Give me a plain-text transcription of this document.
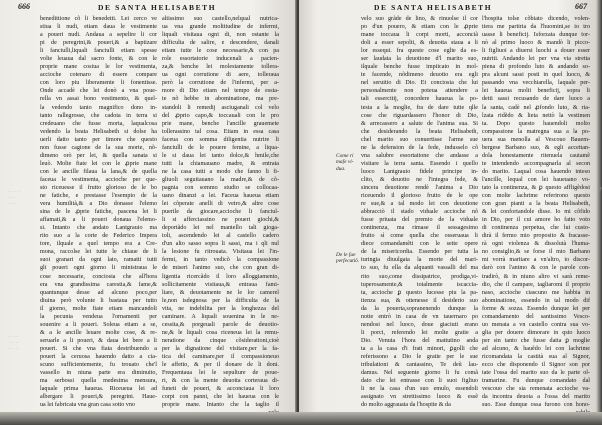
666	DE SANTA HELISABETH
·· ·· ··
·· ·· ·
····· ·
·· ···
· ·· ··
·· · ··
benedittione cõ li benedetti. Lei cerco ve
stiua li nudi, etiam daua le vestimente
a poueri nudi. Andaua a sepelire li cor
pi de peregrini,& poueri,& a baptizare
li fanciulli,liquali fanciulli etiam spesse
volte leuaua dal sacro fonte, & con le
proprie mane cosiua le lor vestimenta,
accioche cotenaro di essere compare
con loro piu liberamente li fonentisse.
Onde accadè che lei donò a vna poue-
rella vn assai bono vestimento, & quel-
la vedendo tanto magnifico dono in-
tanto rallegrosse, che cadota in terra si
credeuano che fusse morta, laqualcosa
vedendo la beata Helisabeth si dolse ha
uerli datto tanto per timore che questo
non fusse cagione de la sua morte, nõ-
dimeno orò per lei, & quella sanata si
leuò. Molte fiate lei con le ꝓprie mane
con le ancille filaua la lana,& de quella
faceua le vestimenta, accioche per que-
sto riceuesse il frutto glorioso de le bo
ne fatiche, e prestasse l'esempio de la
vera humilità,& a Dio donasse l'elemo
sina de le ꝓprie fatiche, pascena lei li
affamati,& a li poueri donaua l'elemo-
si. Intanto che andato Lantgrauio ma
rito suo a la corte de Federico Impera
tore, ilquale a quel tempo era a Cre-
mona, raccolse lei tutte le chiaue de li
suoi granari da ogni lato, ramatti tutti
gli poueri ogni giorno li ministraua le
cose necessarie, conciosia che all'hora
era vna grandissima carestia,& fame,&
quantunque desse ad alcuno poco,per
diuina però volunte li bastaua per tutto
il giorno, molte fiate etiam mancandoli
la pecunia vendeua l'ornamenti per
souenire a li poueri. Soleua etiam a se,
& a le ancille leuare molte cose, & re-
seruarle a li poueri, & daua lei bere a li
poueri. Si che vna fiata destribuendo a
poueri la ceruosa hauendo datto a cia-
scuno sufficientemente, fu trouato che'l
vassello in niuna parte era diminuito,
ma serbossi quella medesima mensura,
laquale prima haueua. Riceueua lei ad
albergare li poueri,& peregrini. Haue-
ua lei fabricata vna gran casa sotto vno
altissimo suo castello,nelqual nutrica-
ua vna grande moltitudine de infermi,
liquali visitaua ogni di, non ostante la
difficulta de salire, e descendere, danali
etiam tutte le cose necessarie,& con pa
role essortatorie inducenali a pacien-
za,& benche lei molestamente tollera-
ua ogni corrutione di aere, tolleraua
però la corrutione de l'infermi, per a-
more di Dio etiam nel tempo de essta-
te nõ hebbe in abominatione, ma pre-
standoli li remedij asciuganali col velo
del ꝓprio capo,& toccauali con le pro
prie mane, benche l'ancille grauemete
tollerassino tal cosa. Etiam in essa casa
faceua con somma diligentia nutrire li
fanciulli de le pouere femine, a liqua-
le si daua lei tanto dolce,& hmile,che
tutti la chiamauano madre, & entrata
ne la casa tutti a modo che fanno li fi-
gliuoli seguitauano la madre,& de cõ-
pagnia con sommo studio se collocaa-
uano dinanzi a lei. Faceua haueua etiam
lei cõperate anelli di vetro,& altre cose
puerile da giocare,accioche li fanciul-
li si afferciassino ne poueri giochi,&
deportãdo lei nel mantello tali gioga-
toli, ascendendo lei al castello cadero
d'un alto sasso sopra li sassi, ma i qli nul
la lesione fu ritrouata. Visitaua lei l'in-
fermi, in tanto vedicõ la compassione
de miseri l'animo suo, che con gran di-
ligentia ricercãdo il loro alloggiamento,
sollicitamente visitaua,& entraua fami-
liare, & deuotamente ne le lor camerel
le,non isdegnosa per la difficulta de la
vita, ne indebilita per la longhezza del
caminare. A liquali souenina in le ne-
cessita,& porgeuali parole de deuotio-
ne,& le liquali cosa riceneua lei la remu-
neratione da cinque cõsiderationi,cioè
per la dignatione del visitare,per la fa-
tica del caminare,per il compassioneuo
le affetto, & per il donare de li doni.
Frequentaua lei le sepulture de poue-
ri, & con la mente deuotta corteraua di-
funeti de poueri, & acconciaua li loro
corpi con panni, che lei haueua con le
proprie mane. Intanto che la taglio il
DE SANTA HELISABETH	667
Come ri maſe vi- dua.
De le ſue perſecutiõ.
velo suo grãde de lino, & rinuolse il cor
po d'un pouero, & etiam con le ꝓprie
mane toccaua li corpi morti, acconciã
doli a esser sepolti, & deuotta staua a li
lor essequi. fra queste cose eglie da es-
ser laudata la deuotione d'l marito suo,
ilquale benche fusse impiicato in mol-
te facende, nõdimeno deuotto era egli
nel seruitio di Dio. Et conciosia che lui
personalmente non poteua attendere a
tali essercitij, concedere haueua la po-
testa a la moglie, fra de dare tutte qlle
cose che riguardassero l'honor di Dio,
& arrecassero a salute de l'anima sua. Si
che desiderando la beata Helisabeth,
chel marito suo conuertisse l'arme sue
ne la defension de la fede, indusselo cõ
vna salubre essortatione che andasse a
visitare la terra santa. Essendo i quello
luoco Lantgrauio fidele principe in-
clito, & deuotto ne l'integra fede, &
sincera deuotione rendè l'anima a Dio
riceuendo il glorioso frutto de le ope
re sue,& a tal modo lei con deuotione
abbracciò il stado viduale accioche nõ
fusse priuata del premio de la viduale
continenza, ma rimase il sessagesimo
frutto sì come quella che osseruaua li
diece comandamẽti con le sette opere
de la misericordia. Essendo per tutta la
turingia diuulgata la morte del mari-
to suo, fu ella da alquanti vassalli del ma
rito suo,come dissipatrice, prodiga,vi-
tuperosamente,& totalmente iscaccia-
ta, accioche ꝑ questo lucesse piu la pa-
tienza sua, & ottenesse il desiderio suo
da la pouerta,sopranenendo dunque la
notte entrò in casa de vn tauernaro po
nendosi nel luoco, doue giaciuti erano
li porci, referendo lei molte gratie a
Dio. Venuta l'hora del mattutino anda
ta a la casa d'i frati minori, ꝑgolli che
referissono a Dio le gratie per le sue
tribulationi & cantassino, Te deũ lau-
damus. Nel seguente giorno li fu comã
dato che lei entrasse con li suoi figliuo
li ne la casa d'un suo emulo, essendoli
assignato vn strettissimo luoco & essẽ
do molto aggrauata da l'hospite & da
l'hospita tolse cõbiato dicendo, volen-
tiera me partiria da l'huomini,se io tro
uasse li beneficij. Isforzata dunque tor-
nò al primo luoco & mandò li picco-
li figliuoi a diuersi luochi a douer esser
nutriti. Andando lei per vna via stretta
piena di profondo luto & andando so-
pra alcuni sassi posti in quel luoco, &
passando vna vecchiarella, laquale per-
lei haueua molti beneficij, sopra li
detti sassi recusando de dare luoco a
la santa, cadè nel ꝓfondo luto, & ria-
lzata ridẽdo & lieta nettò la vestimen
ta. Dopo questo hauendoli molto
compassione la matregna sua a la po-
uera sua menolla al Vescouo Bauem-
bergese Barbano suo, & egli accettan-
dola honestamente ritenuela cautamẽ
te intendendo accompagnarla al secon
do marito. Laqual cosa hauendo inteso
l'ancille, lequal con lei haueuano vo-
tato la continenza, & ꝑ questo affligẽdosi
con molte lachrime referirono questo
con gran pianti a la beata Helisabeth,
& lei confortandole disse. Io mi cõfido
in Dio, per il cui amore ho fatto voto
di continenza perpetua, che lui custo-
dirà il fermo mio proposito & fracasse-
rà ogni violenza & dissolutà l'huma-
no consiglio,& se forse il mio Barbano
mi vorrà maritare a vn'altro, io discor-
darò con l'animo & con le parole con-
tradirò, & in niuno altro vi sarà reme-
dio, che il campare, tagliaromi il proprio
naso, accioche ciascuno me habbia in
abominatione, essendo in tal modo dif
forme & sozza. Essendo dunque lei per
comandamento del santissimo Vesco-
uo menata a vn castello contra sua vo-
glia per douere dimorare in qsto luoco
per sin tanto che fusse datta ꝑ moglie
ad alcuno, & hauẽdo lei con lachrime
ricomandata la castità sua al Signor,
ecco che disponendo il Signor son por
tate l'ossa del marito suo da le parte ol-
tramarine. Fu dunque comandato dal
vescouo che sia remenata accioche va-
da incontra deuota a l'ossa del marito
suo. Esse dunque ossa furono con hono-
7
